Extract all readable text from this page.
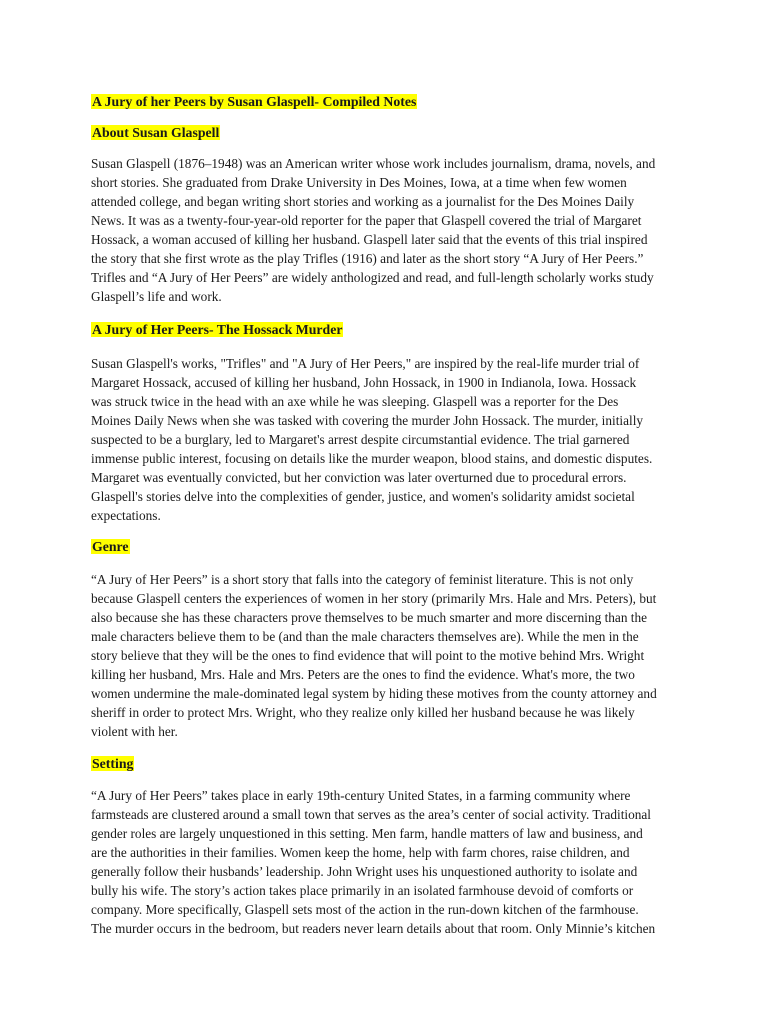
A Jury of her Peers by Susan Glaspell- Compiled Notes
About Susan Glaspell
Susan Glaspell (1876–1948) was an American writer whose work includes journalism, drama, novels, and
short stories. She graduated from Drake University in Des Moines, Iowa, at a time when few women
attended college, and began writing short stories and working as a journalist for the Des Moines Daily
News. It was as a twenty-four-year-old reporter for the paper that Glaspell covered the trial of Margaret
Hossack, a woman accused of killing her husband. Glaspell later said that the events of this trial inspired
the story that she first wrote as the play Trifles (1916) and later as the short story “A Jury of Her Peers.”
Trifles and “A Jury of Her Peers” are widely anthologized and read, and full-length scholarly works study
Glaspell’s life and work.
A Jury of Her Peers- The Hossack Murder
Susan Glaspell's works, "Trifles" and "A Jury of Her Peers," are inspired by the real-life murder trial of
Margaret Hossack, accused of killing her husband, John Hossack, in 1900 in Indianola, Iowa. Hossack
was struck twice in the head with an axe while he was sleeping. Glaspell was a reporter for the Des
Moines Daily News when she was tasked with covering the murder John Hossack. The murder, initially
suspected to be a burglary, led to Margaret's arrest despite circumstantial evidence. The trial garnered
immense public interest, focusing on details like the murder weapon, blood stains, and domestic disputes.
Margaret was eventually convicted, but her conviction was later overturned due to procedural errors.
Glaspell's stories delve into the complexities of gender, justice, and women's solidarity amidst societal
expectations.
Genre
“A Jury of Her Peers” is a short story that falls into the category of feminist literature. This is not only
because Glaspell centers the experiences of women in her story (primarily Mrs. Hale and Mrs. Peters), but
also because she has these characters prove themselves to be much smarter and more discerning than the
male characters believe them to be (and than the male characters themselves are). While the men in the
story believe that they will be the ones to find evidence that will point to the motive behind Mrs. Wright
killing her husband, Mrs. Hale and Mrs. Peters are the ones to find the evidence. What's more, the two
women undermine the male-dominated legal system by hiding these motives from the county attorney and
sheriff in order to protect Mrs. Wright, who they realize only killed her husband because he was likely
violent with her.
Setting
“A Jury of Her Peers” takes place in early 19th-century United States, in a farming community where
farmsteads are clustered around a small town that serves as the area’s center of social activity. Traditional
gender roles are largely unquestioned in this setting. Men farm, handle matters of law and business, and
are the authorities in their families. Women keep the home, help with farm chores, raise children, and
generally follow their husbands’ leadership. John Wright uses his unquestioned authority to isolate and
bully his wife. The story’s action takes place primarily in an isolated farmhouse devoid of comforts or
company. More specifically, Glaspell sets most of the action in the run-down kitchen of the farmhouse.
The murder occurs in the bedroom, but readers never learn details about that room. Only Minnie’s kitchen
